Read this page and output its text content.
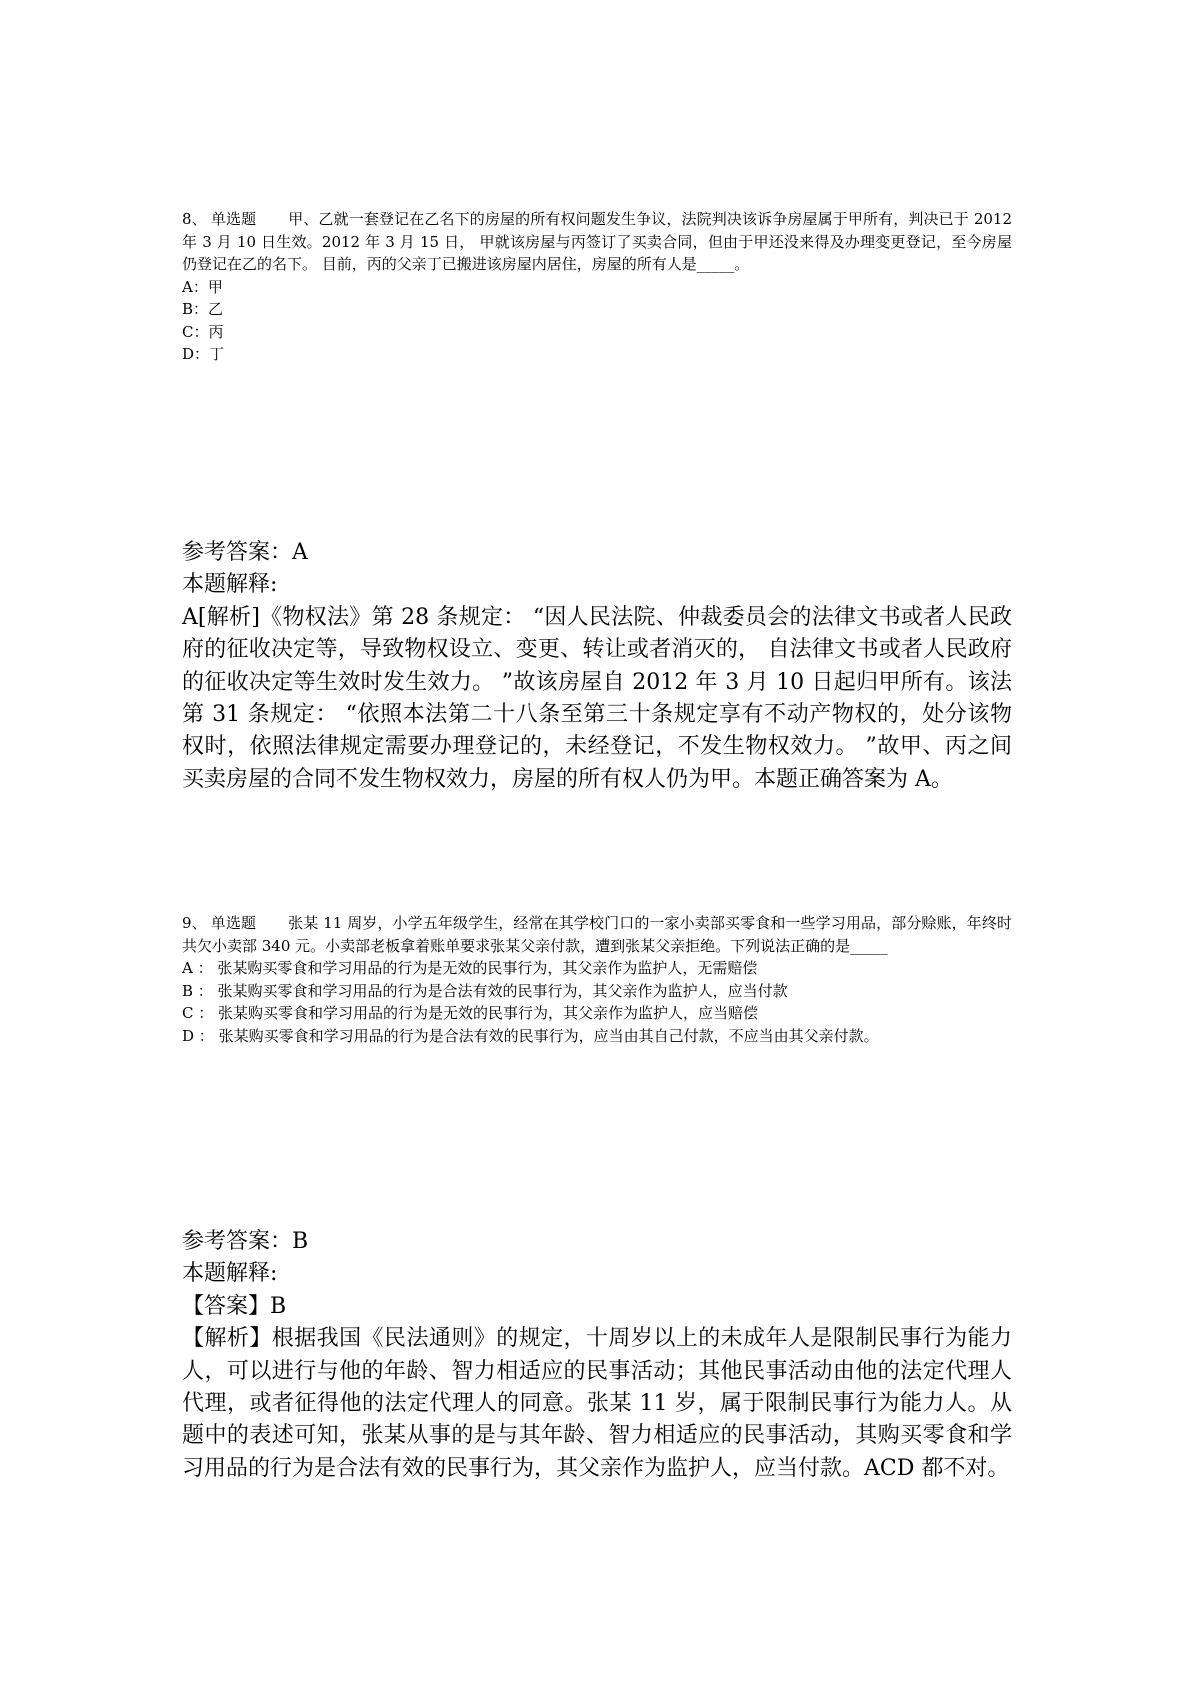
8、 单选题 甲、乙就一套登记在乙名下的房屋的所有权问题发生争议，法院判决该诉争房屋属于甲所有，判决已于 2012 年 3 月 10 日生效。2012 年 3 月 15 日， 甲就该房屋与丙签订了买卖合同，但由于甲还没来得及办理变更登记，至今房屋仍登记在乙的名下。 目前，丙的父亲丁已搬进该房屋内居住，房屋的所有人是_____。

A：甲
B：乙
C：丙
D：丁

参考答案：A

本题解释:

A[解析]《物权法》第 28 条规定： “因人民法院、仲裁委员会的法律文书或者人民政府的征收决定等，导致物权设立、变更、转让或者消灭的， 自法律文书或者人民政府的征收决定等生效时发生效力。 ”故该房屋自 2012 年 3 月 10 日起归甲所有。该法第 31 条规定： “依照本法第二十八条至第三十条规定享有不动产物权的，处分该物权时，依照法律规定需要办理登记的，未经登记，不发生物权效力。 ”故甲、丙之间买卖房屋的合同不发生物权效力，房屋的所有权人仍为甲。本题正确答案为 A。

9、 单选题 张某 11 周岁，小学五年级学生，经常在其学校门口的一家小卖部买零食和一些学习用品，部分赊账，年终时共欠小卖部 340 元。小卖部老板拿着账单要求张某父亲付款，遭到张某父亲拒绝。下列说法正确的是_____

A ： 张某购买零食和学习用品的行为是无效的民事行为，其父亲作为监护人，无需赔偿
B ： 张某购买零食和学习用品的行为是合法有效的民事行为，其父亲作为监护人，应当付款
C ： 张某购买零食和学习用品的行为是无效的民事行为，其父亲作为监护人，应当赔偿
D ： 张某购买零食和学习用品的行为是合法有效的民事行为，应当由其自己付款，不应当由其父亲付款。

参考答案：B

本题解释:

【答案】B

【解析】根据我国《民法通则》的规定，十周岁以上的未成年人是限制民事行为能力人，可以进行与他的年龄、智力相适应的民事活动；其他民事活动由他的法定代理人代理，或者征得他的法定代理人的同意。张某 11 岁，属于限制民事行为能力人。从题中的表述可知，张某从事的是与其年龄、智力相适应的民事活动，其购买零食和学习用品的行为是合法有效的民事行为，其父亲作为监护人，应当付款。ACD 都不对。
